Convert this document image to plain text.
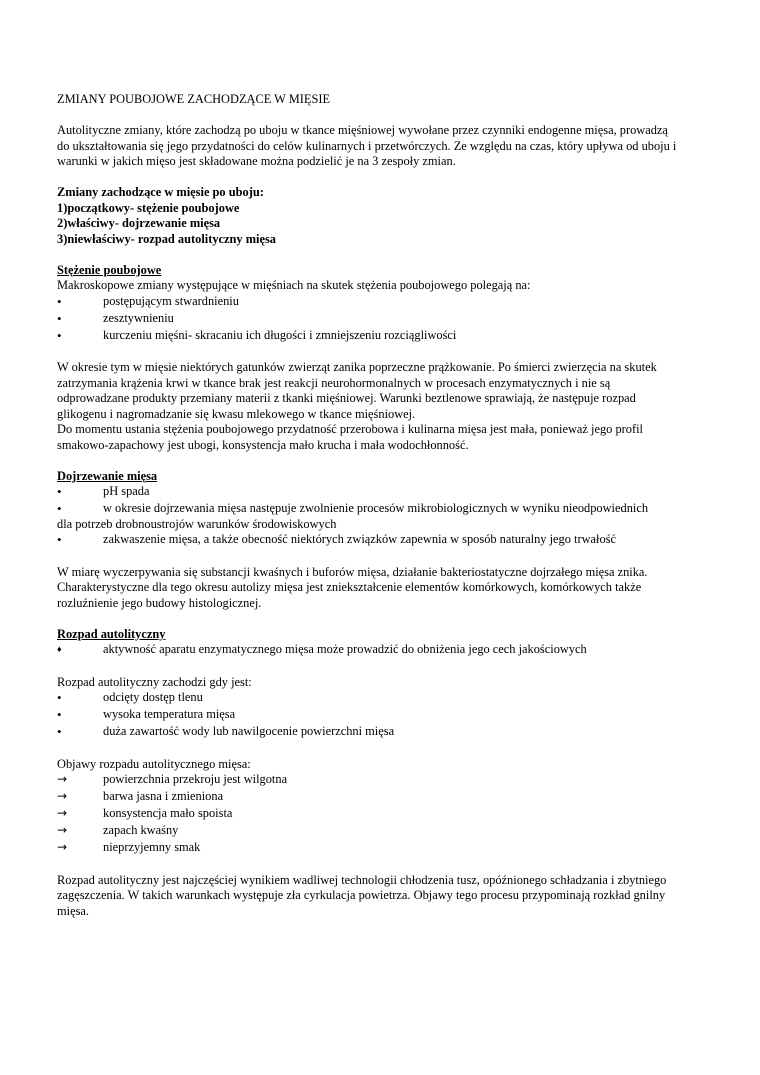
ZMIANY POUBOJOWE ZACHODZĄCE W MIĘSIE

Autolityczne zmiany, które zachodzą po uboju w tkance mięśniowej wywołane przez czynniki endogenne mięsa, prowadzą do ukształtowania się jego przydatności do celów kulinarnych i przetwórczych. Ze względu na czas, który upływa od uboju i warunki w jakich mięso jest składowane można podzielić je na 3 zespoły zmian.

Zmiany zachodzące w mięsie po uboju:

1)początkowy- stężenie poubojowe

2)właściwy- dojrzewanie mięsa

3)niewłaściwy- rozpad autolityczny mięsa

Stężenie poubojowe

Makroskopowe zmiany występujące w mięśniach na skutek stężenia poubojowego polegają na:

•	postępującym stwardnieniu
•	zesztywnieniu
•	kurczeniu mięśni- skracaniu ich długości i zmniejszeniu rozciągliwości

W okresie tym w mięsie niektórych gatunków zwierząt zanika poprzeczne prążkowanie. Po śmierci zwierzęcia na skutek zatrzymania krążenia krwi w tkance brak jest reakcji neurohormonalnych w procesach enzymatycznych i nie są odprowadzane produkty przemiany materii z tkanki mięśniowej. Warunki beztlenowe sprawiają, że następuje rozpad glikogenu i nagromadzanie się kwasu mlekowego w tkance mięśniowej.

Do momentu ustania stężenia poubojowego przydatność przerobowa i kulinarna mięsa jest mała, ponieważ jego profil smakowo-zapachowy jest ubogi, konsystencja mało krucha i mała wodochłonność.

Dojrzewanie mięsa

•	pH spada
•	w okresie dojrzewania mięsa następuje zwolnienie procesów mikrobiologicznych w wyniku nieodpowiednich

dla potrzeb drobnoustrojów warunków środowiskowych

•	zakwaszenie mięsa, a także obecność niektórych związków zapewnia w sposób naturalny jego trwałość

W miarę wyczerpywania się substancji kwaśnych i buforów mięsa, działanie bakteriostatyczne dojrzałego mięsa znika. Charakterystyczne dla tego okresu autolizy mięsa jest zniekształcenie elementów komórkowych, komórkowych także rozluźnienie jego budowy histologicznej.

Rozpad autolityczny

♦	aktywność aparatu enzymatycznego mięsa może prowadzić do obniżenia jego cech jakościowych

Rozpad autolityczny zachodzi gdy jest:

•	odcięty dostęp tlenu
•	wysoka temperatura mięsa
•	duża zawartość wody lub nawilgocenie powierzchni mięsa

Objawy rozpadu autolitycznego mięsa:

→	powierzchnia przekroju jest wilgotna
→	barwa jasna i zmieniona
→	konsystencja mało spoista
→	zapach kwaśny
→	nieprzyjemny smak

Rozpad autolityczny jest najczęściej wynikiem wadliwej technologii chłodzenia tusz, opóźnionego schładzania i zbytniego zagęszczenia. W takich warunkach występuje zła cyrkulacja powietrza. Objawy tego procesu przypominają rozkład gnilny mięsa.
